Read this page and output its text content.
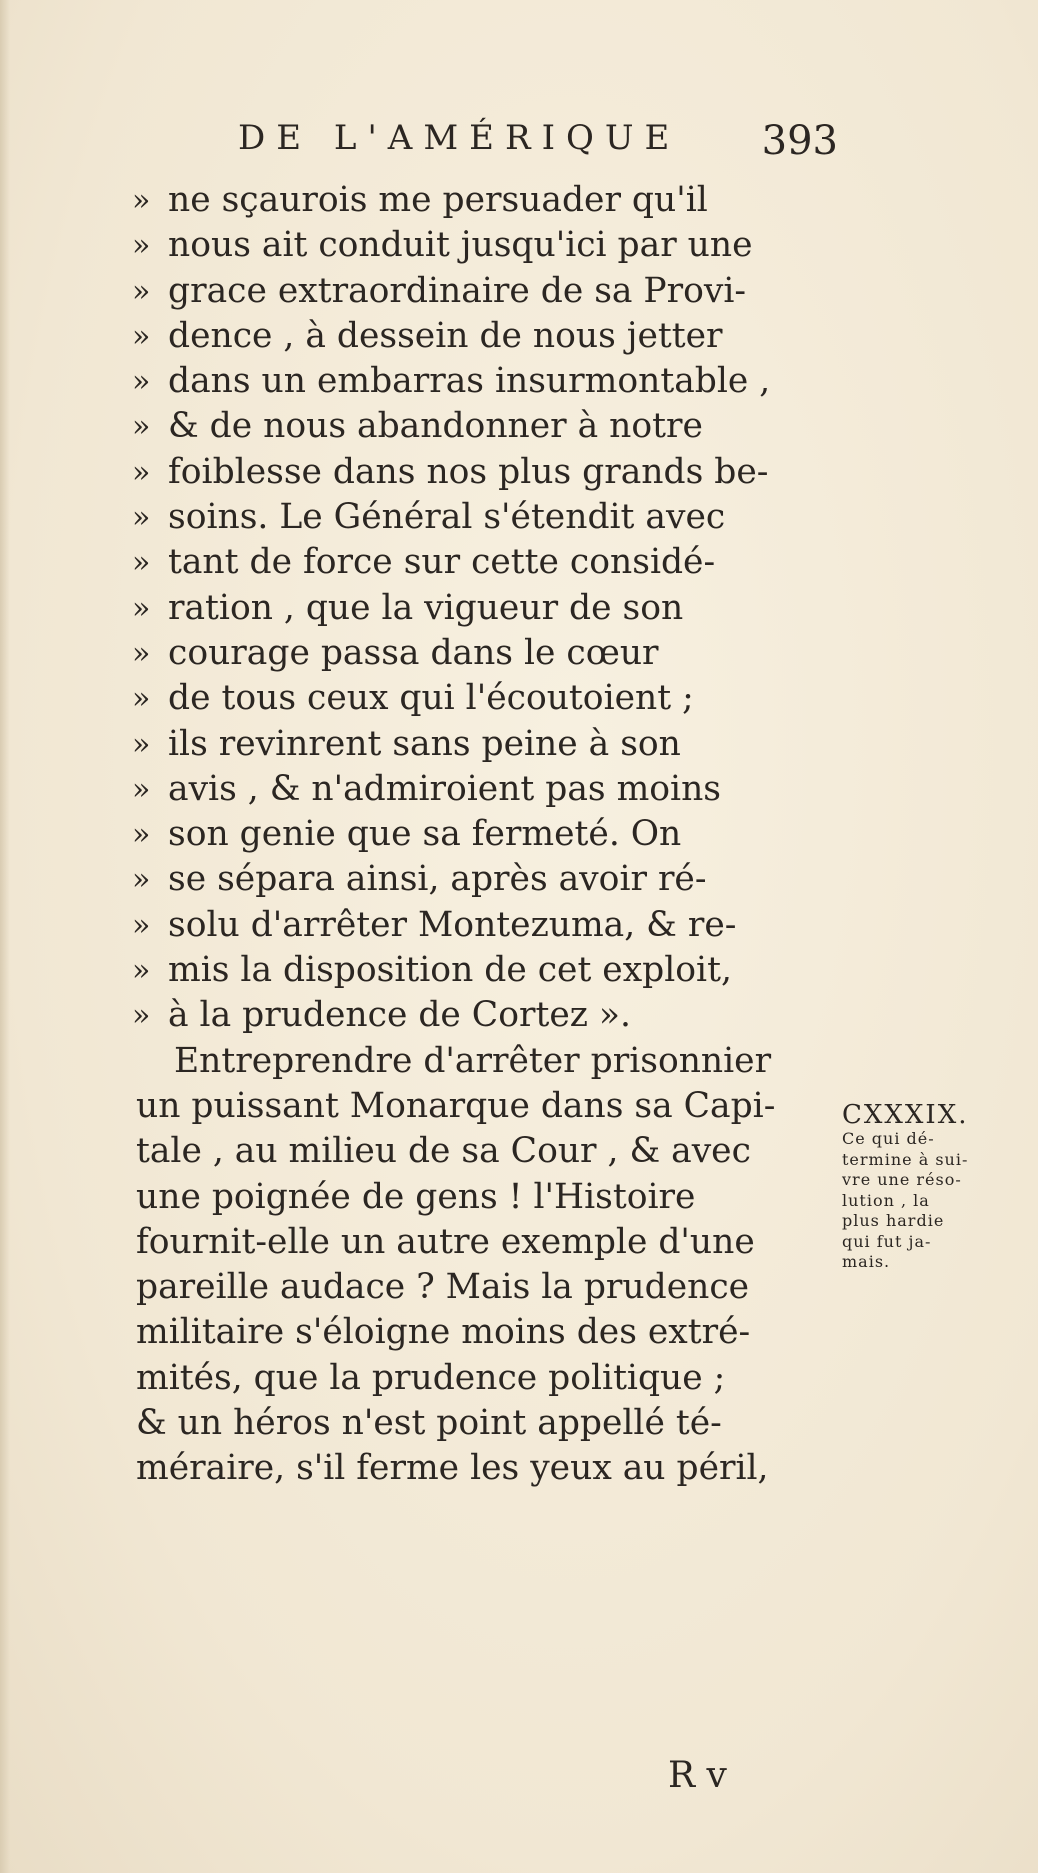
DE L'AMÉRIQUE 393
» ne sçaurois me persuader qu'il
» nous ait conduit jusqu'ici par une
» grace extraordinaire de sa Provi-
» dence , à dessein de nous jetter
» dans un embarras insurmontable ,
» & de nous abandonner à notre
» foiblesse dans nos plus grands be-
» soins. Le Général s'étendit avec
» tant de force sur cette considé-
» ration , que la vigueur de son
» courage passa dans le cœur
» de tous ceux qui l'écoutoient ;
» ils revinrent sans peine à son
» avis , & n'admiroient pas moins
» son genie que sa fermeté. On
» se sépara ainsi, après avoir ré-
» solu d'arrêter Montezuma, & re-
» mis la disposition de cet exploit,
» à la prudence de Cortez ».
Entreprendre d'arrêter prisonnier
un puissant Monarque dans sa Capi-
tale , au milieu de sa Cour , & avec
une poignée de gens ! l'Histoire
fournit-elle un autre exemple d'une
pareille audace ? Mais la prudence
militaire s'éloigne moins des extré-
mités, que la prudence politique ;
& un héros n'est point appellé té-
méraire, s'il ferme les yeux au péril,
CXXXIX.
Ce qui dé-
termine à sui-
vre une réso-
lution , la
plus hardie
qui fut ja-
mais.
R v
